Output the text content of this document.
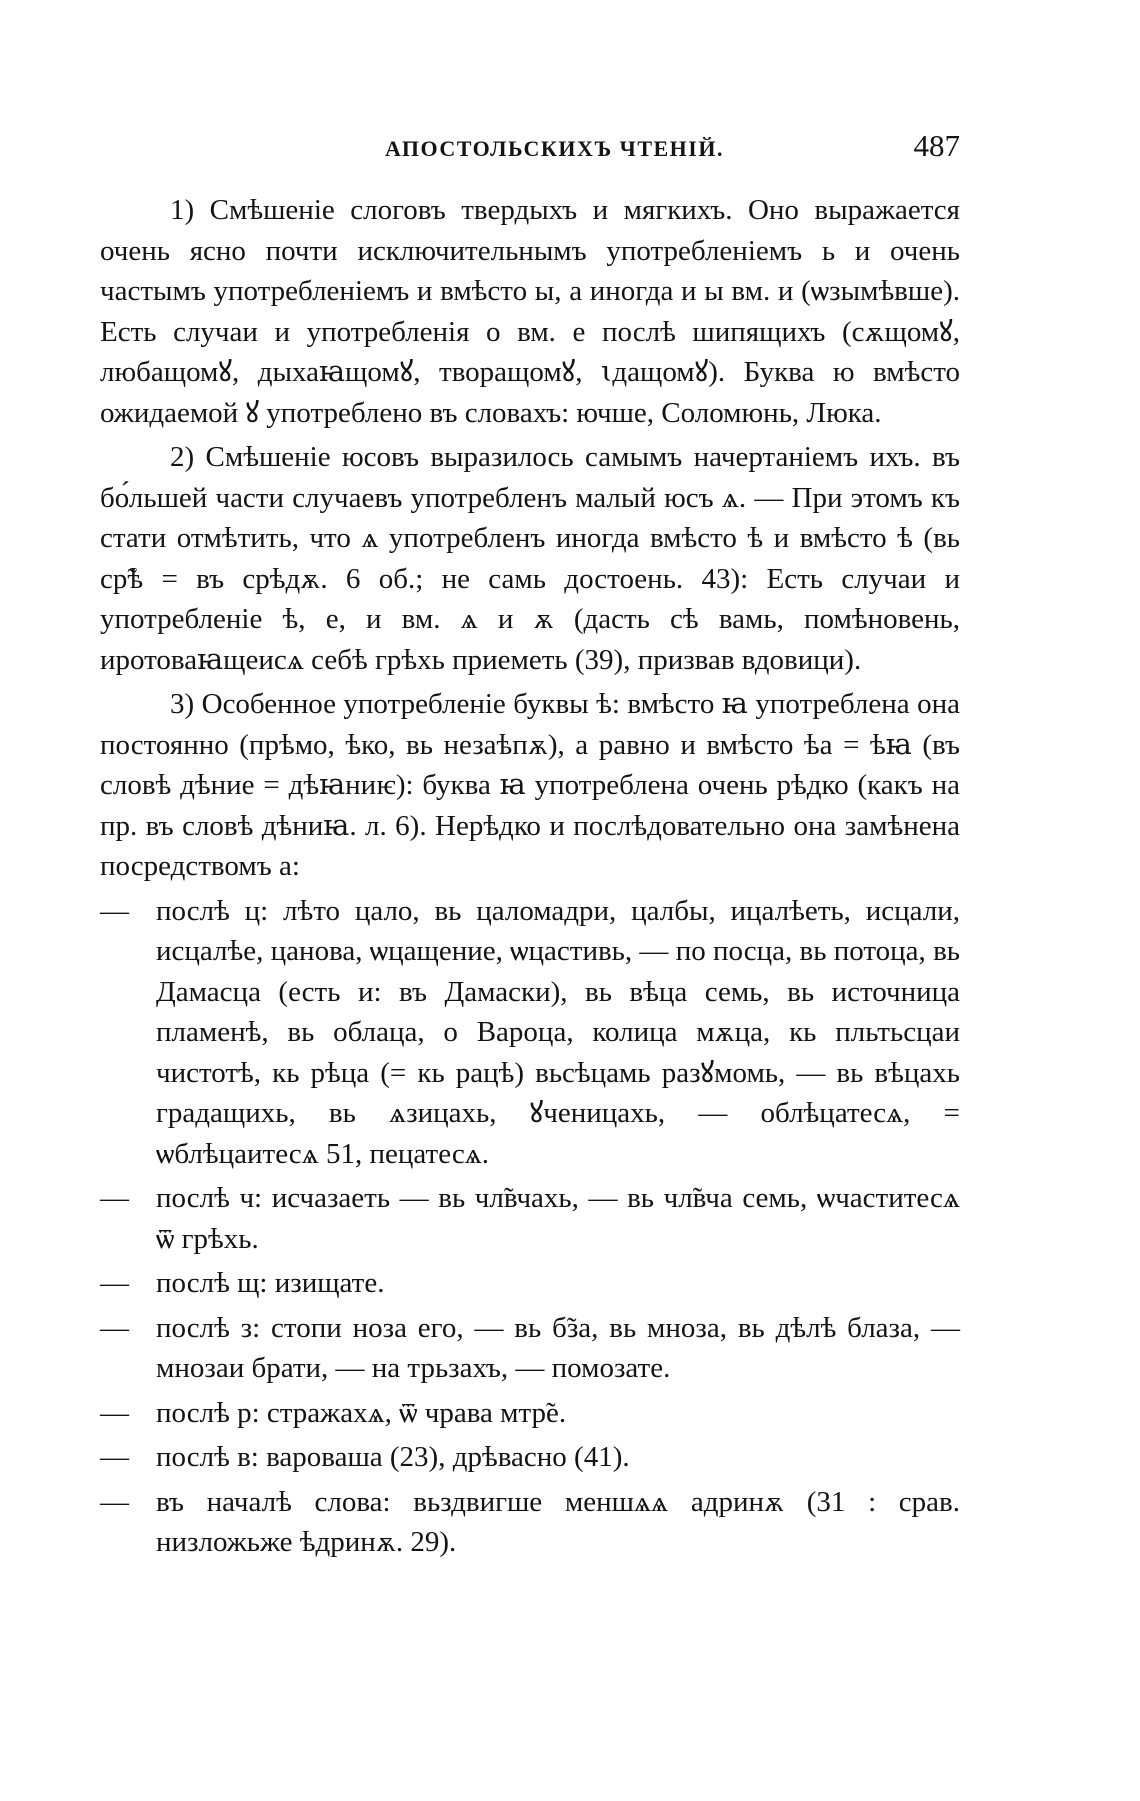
АПОСТОЛЬСКИХЪ ЧТЕНІЙ.	487

1) Смѣшеніе слоговъ твердыхъ и мягкихъ. Оно выражается очень ясно почти исключительнымъ употребленіемъ ь и очень частымъ употребленіемъ и вмѣсто ы, а иногда и ы вм. и (ѡзымѣвше). Есть случаи и употребленія о вм. е послѣ шипящихъ (сѫщомꙋ, любащомꙋ, дыхаꙗщомꙋ, творащомꙋ, ꙇдащомꙋ). Буква ю вмѣсто ожидаемой ꙋ употреблено въ словахъ: ючше, Соломюнь, Люка.

2) Смѣшеніе юсовъ выразилось самымъ начертаніемъ ихъ. въ бо́льшей части случаевъ употребленъ малый юсъ ѧ. — При этомъ къ стати отмѣтить, что ѧ употребленъ иногда вмѣсто ѣ и вмѣсто ѣ (вь ср̃ѣ = въ срѣдѫ. 6 об.; не самь достоень. 43): Есть случаи и употребленіе ѣ, е, и вм. ѧ и ѫ (дасть сѣ вамь, помѣновень, иротоваꙗщеисѧ себѣ грѣхь приеметь (39), призвав вдовици).

3) Особенное употребленіе буквы ѣ: вмѣсто ꙗ употреблена она постоянно (прѣмо, ѣко, вь незаѣпѫ), а равно и вмѣсто ѣа = ѣꙗ (въ словѣ дѣние = дѣꙗниѥ): буква ꙗ употреблена очень рѣдко (какъ на пр. въ словѣ дѣниꙗ. л. 6). Нерѣдко и послѣдовательно она замѣнена посредствомъ а:

— послѣ ц: лѣто цало, вь цаломадри, цалбы, ицалѣеть, исцали, исцалѣе, цанова, ѡцащение, ѡцастивь, — по посца, вь потоца, вь Дамасца (есть и: въ Дамаски), вь вѣца семь, вь источница пламенѣ, вь облаца, о Вароца, колица мѫца, кь пльтьсцаи чистотѣ, кь рѣца (= кь рацѣ) вьсѣцамь разꙋмомь, — вь вѣцахь градащихь, вь ѧзицахь, ꙋченицахь, — облѣцатесѧ, = ѡблѣцаитесѧ 51, пецатесѧ.
— послѣ ч: исчазаеть — вь чл̃вчахь, — вь чл̃вча семь, ѡчаститесѧ ѿ грѣхь.
— послѣ щ: изищате.
— послѣ з: стопи ноза его, — вь б̃за, вь мноза, вь дѣлѣ блаза, — мнозаи брати, — на трьзахъ, — помозате.
— послѣ р: стражахѧ, ѿ чрава мтр̃е.
— послѣ в: вароваша (23), дрѣвасно (41).
— въ началѣ слова: вьздвигше меншѧѧ адринѫ (31 : срав. низложьже ѣдринѫ. 29).
